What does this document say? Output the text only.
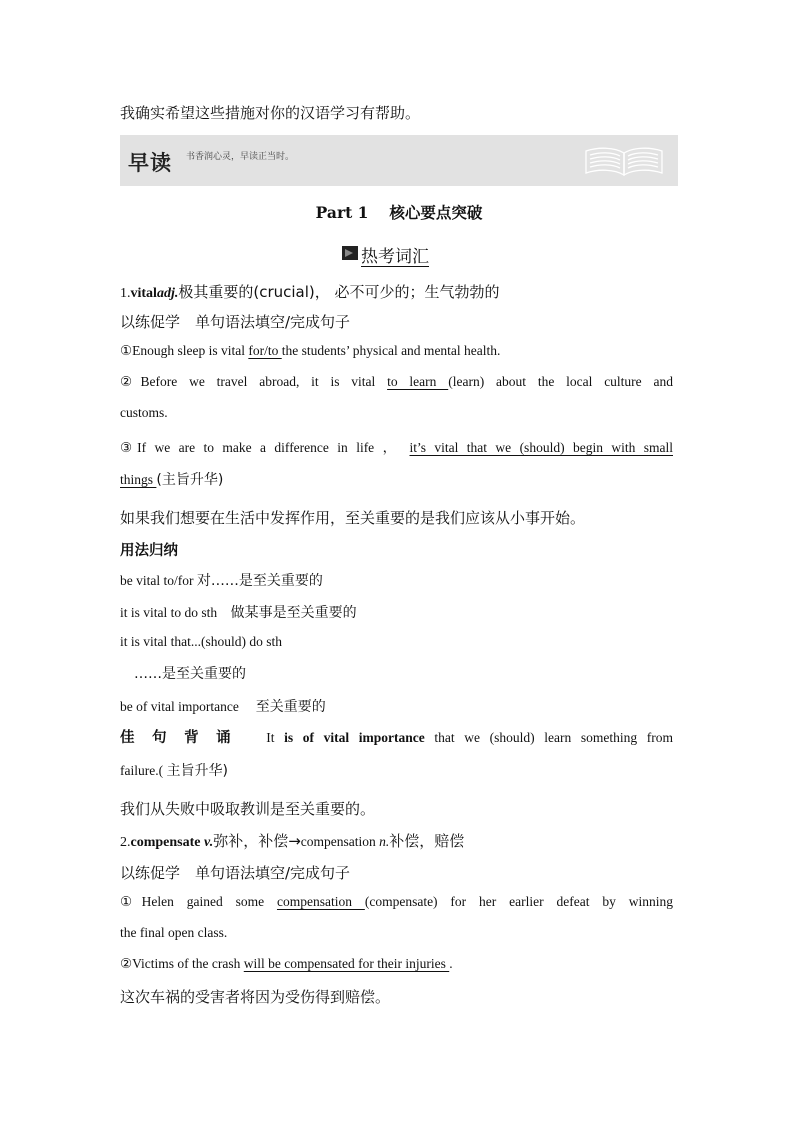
我确实希望这些措施对你的汉语学习有帮助。
早读 书香润心灵，早读正当时。
Part 1　 核心要点突破
热考词汇
1.vitaladj.极其重要的(crucial)， 必不可少的；生气勃勃的
以练促学　单句语法填空/完成句子
①Enough sleep is vital for/to the students’ physical and mental health.
②Before we travel abroad, it is vital to learn (learn) about the local culture and
customs.
③If we are to make a difference in life ， it’s vital that we (should) begin with small
things (主旨升华)
如果我们想要在生活中发挥作用，至关重要的是我们应该从小事开始。
用法归纳
be vital to/for 对……是至关重要的
it is vital to do sth　做某事是至关重要的
it is vital that...(should) do sth
　……是至关重要的
be of vital importance　 至关重要的
佳 句 背 诵　 It is of vital importance that we (should) learn something from
failure.( 主旨升华)
我们从失败中吸取教训是至关重要的。
2.compensate v.弥补，补偿→compensation n.补偿，赔偿
以练促学　单句语法填空/完成句子
①Helen gained some compensation (compensate) for her earlier defeat by winning
the final open class.
②Victims of the crash will be compensated for their injuries .
这次车祸的受害者将因为受伤得到赔偿。
